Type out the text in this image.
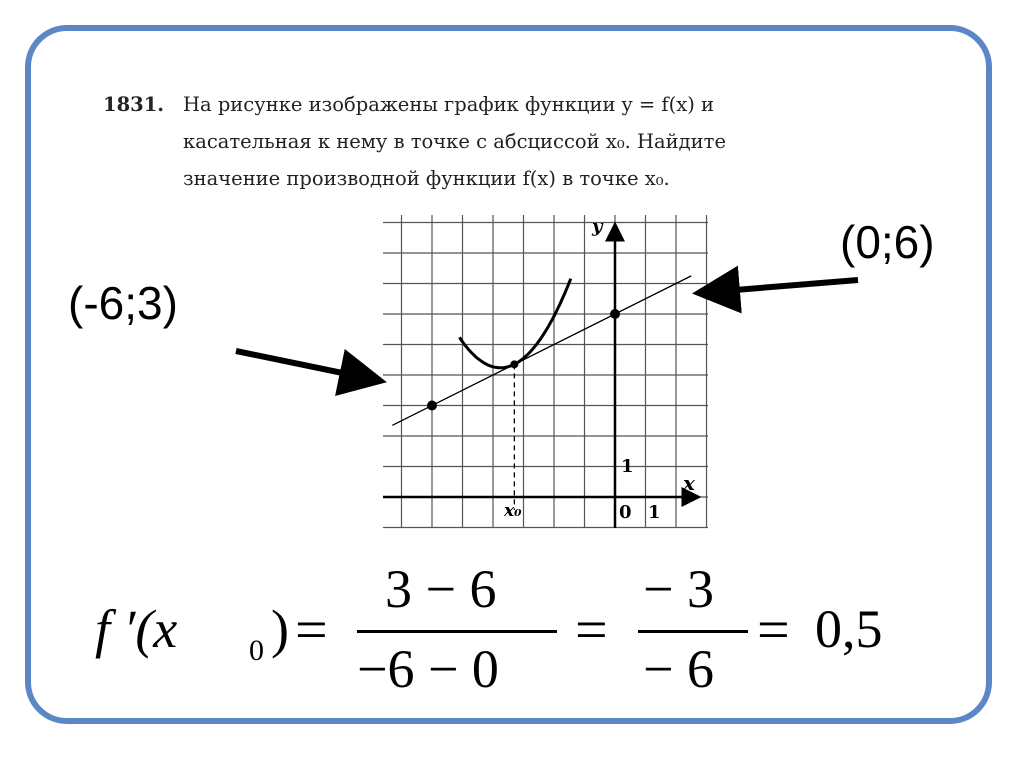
1831. На рисунке изображены график функции y = f(x) и
касательная к нему в точке с абсциссой x₀. Найдите
значение производной функции f(x) в точке x₀.
x
y
0 1
1
x₀
(-6;3)
(0;6)
f ′(x 0 ) =
3 − 6
−6 − 0
=
− 3
− 6
= 0,5
